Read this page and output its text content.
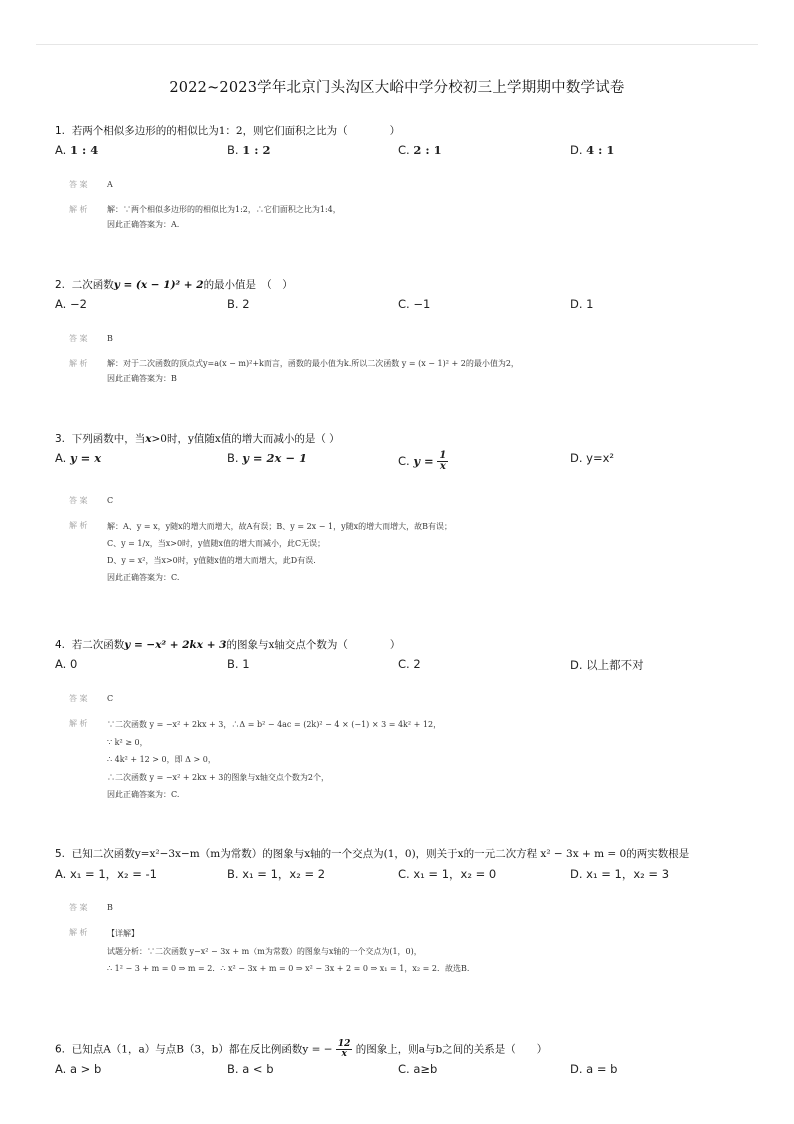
2022~2023学年北京门头沟区大峪中学分校初三上学期期中数学试卷
1. 若两个相似多边形的的相似比为1：2，则它们面积之比为（　　　　）
A. 1 : 4	B. 1 : 2	C. 2 : 1	D. 4 : 1
答 案 A
解 析 解：∵两个相似多边形的的相似比为1:2，∴它们面积之比为1:4，
因此正确答案为：A.
2. 二次函数y = (x − 1)² + 2的最小值是　（　）
A. −2	B. 2	C. −1	D. 1
答 案 B
解 析 解：对于二次函数的顶点式y=a(x − m)²+k而言，函数的最小值为k.所以二次函数 y = (x − 1)² + 2的最小值为2，
因此正确答案为：B
3. 下列函数中，当x>0时，y值随x值的增大而减小的是（ ）
A. y = x	B. y = 2x − 1	C. $y = \frac{1}{x}$	D. y=x²
答 案 C
解 析 解：A、y = x，y随x的增大而增大，故A有误；B、y = 2x − 1，y随x的增大而增大，故B有误；
C、y = 1/x，当x>0时，y值随x值的增大而减小，此C无误；
D、y = x²，当x>0时，y值随x值的增大而增大，此D有误.
因此正确答案为：C.
4. 若二次函数y = −x² + 2kx + 3的图象与x轴交点个数为（　　　　）
A. 0	B. 1	C. 2	D. 以上都不对
答 案 C
解 析 ∵二次函数 y = −x² + 2kx + 3，∴Δ = b² − 4ac = (2k)² − 4 × (−1) × 3 = 4k² + 12，
∵ k² ≥ 0，
∴ 4k² + 12 > 0，即 Δ > 0，
∴二次函数 y = −x² + 2kx + 3的图象与x轴交点个数为2个，
因此正确答案为：C.
5. 已知二次函数y=x²−3x−m（m为常数）的图象与x轴的一个交点为(1，0)，则关于x的一元二次方程 x² − 3x + m = 0的两实数根是
A. x₁ = 1，x₂ = -1	B. x₁ = 1，x₂ = 2	C. x₁ = 1，x₂ = 0	D. x₁ = 1，x₂ = 3
答 案 B
解 析 【详解】
试题分析：∵二次函数 y−x² − 3x + m（m为常数）的图象与x轴的一个交点为(1，0)，
∴ 1² − 3 + m = 0 ⇒ m = 2．∴ x² − 3x + m = 0 ⇒ x² − 3x + 2 = 0 ⇒ x₁ = 1，x₂ = 2．故选B.
6. 已知点A（1，a）与点B（3，b）都在反比例函数y = − $\frac{12}{x}$ 的图象上，则a与b之间的关系是（　　）
A. a > b	B. a < b	C. a≥b	D. a = b
